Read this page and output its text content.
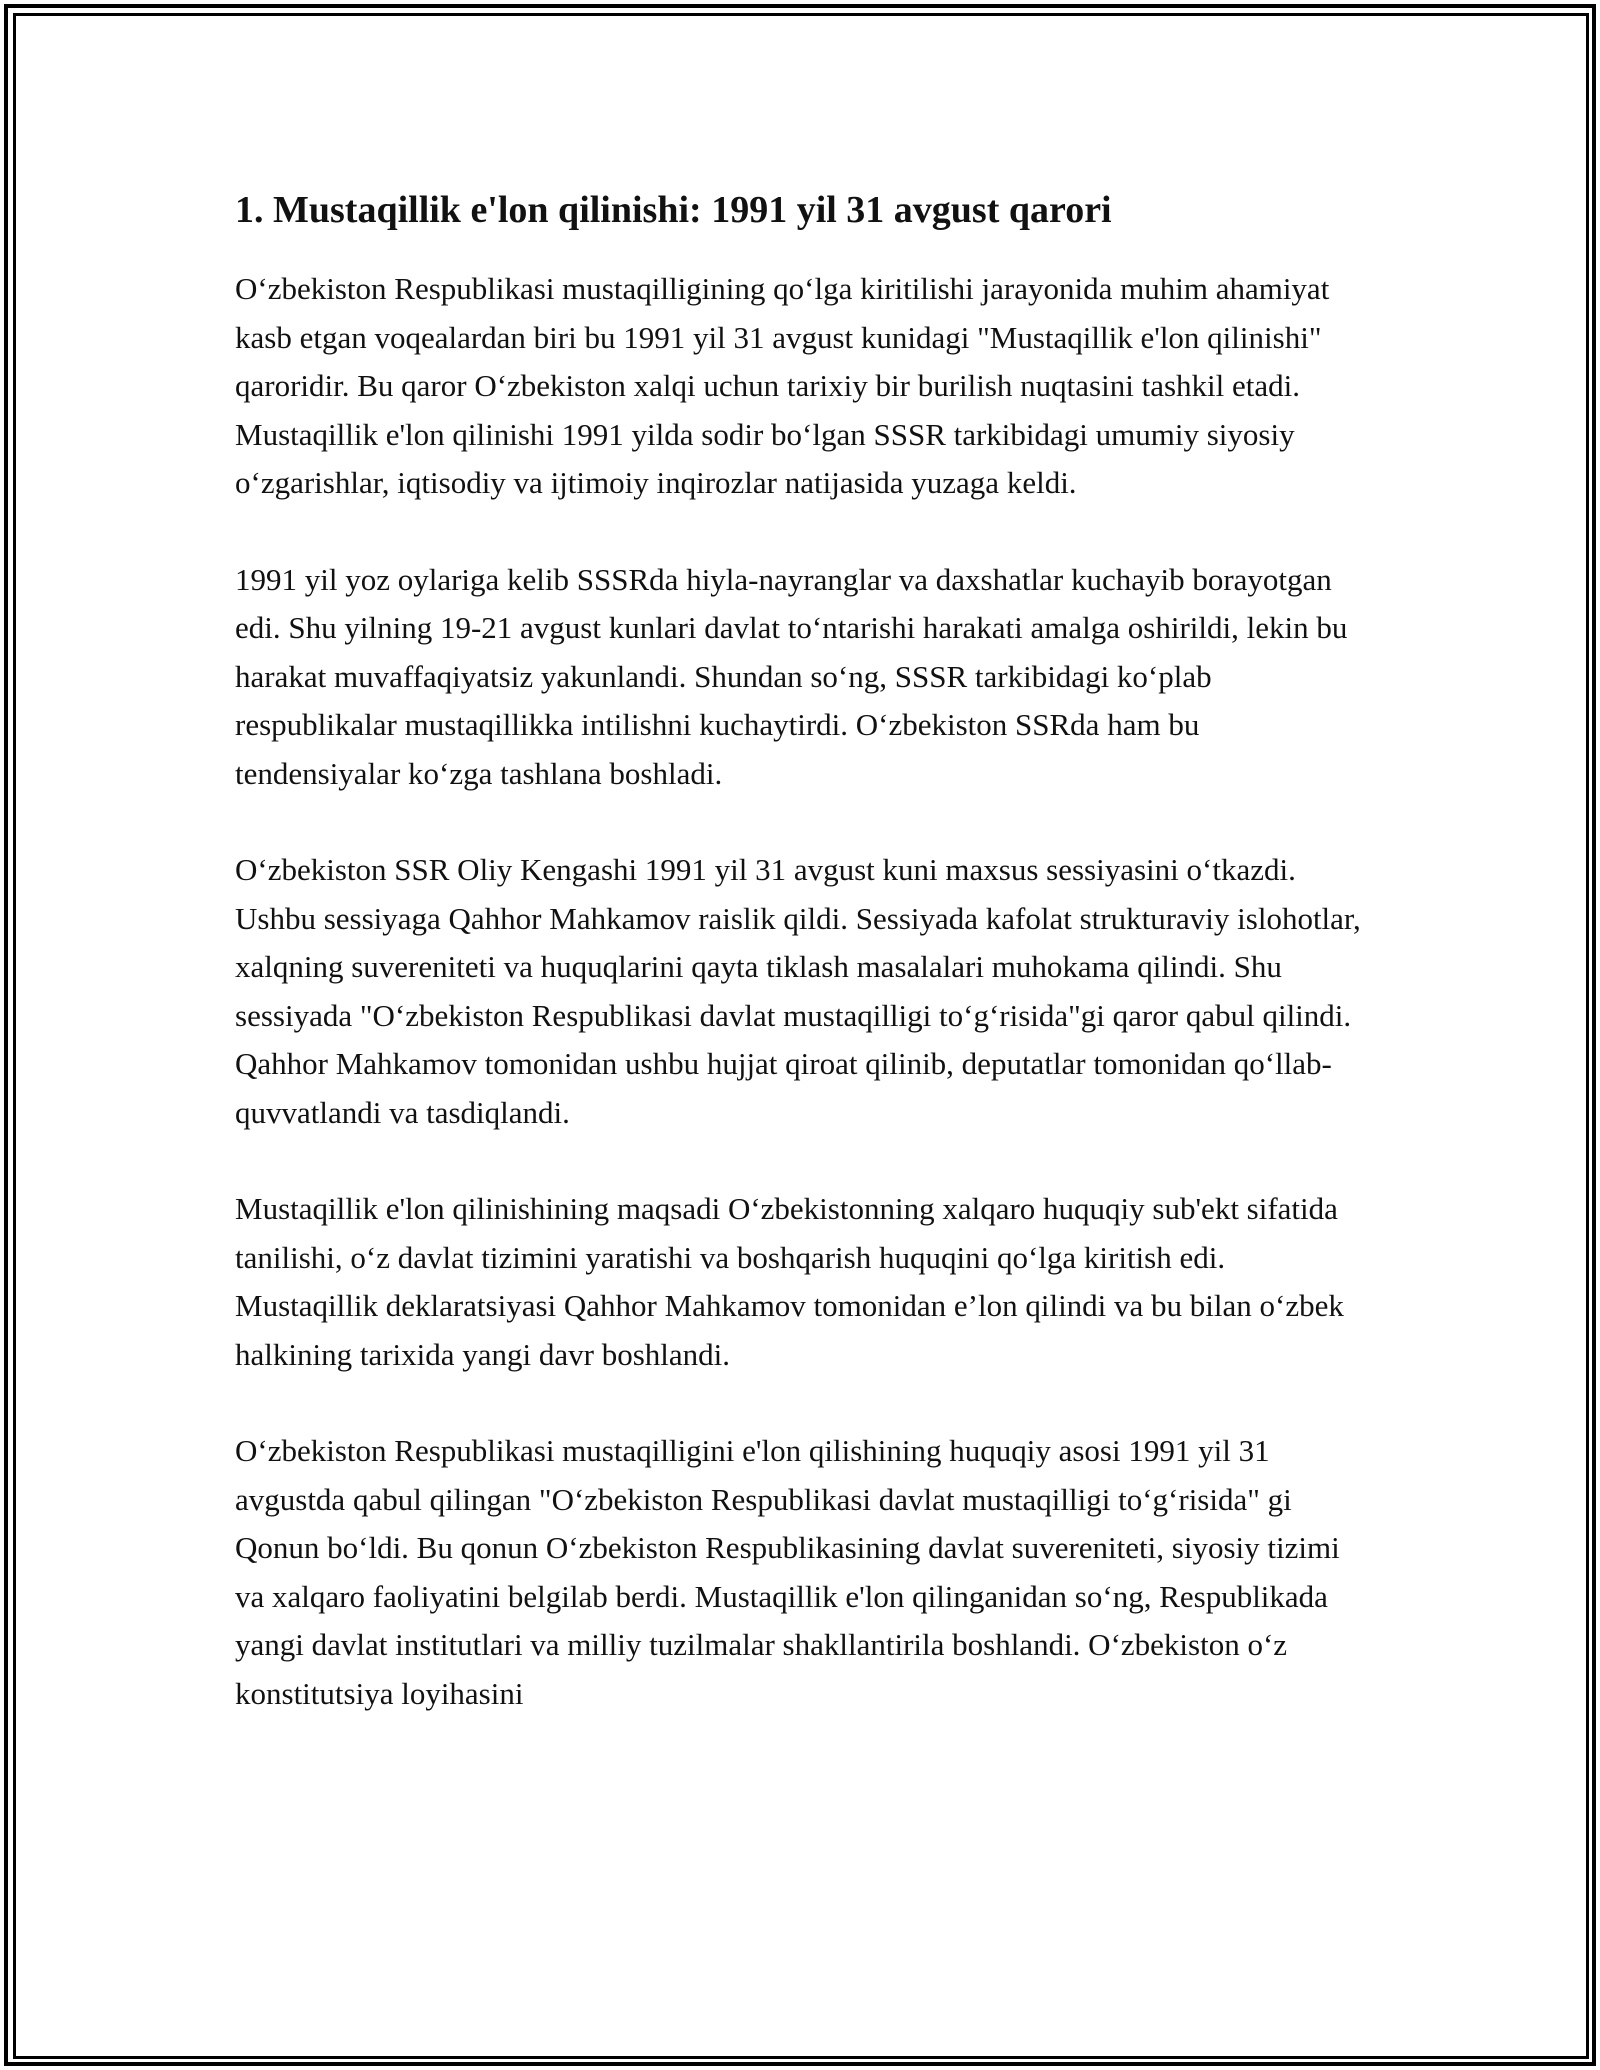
1. Mustaqillik e'lon qilinishi: 1991 yil 31 avgust qarori

O‘zbekiston Respublikasi mustaqilligining qo‘lga kiritilishi jarayonida muhim ahamiyat kasb etgan voqealardan biri bu 1991 yil 31 avgust kunidagi "Mustaqillik e'lon qilinishi" qaroridir. Bu qaror O‘zbekiston xalqi uchun tarixiy bir burilish nuqtasini tashkil etadi. Mustaqillik e'lon qilinishi 1991 yilda sodir bo‘lgan SSSR tarkibidagi umumiy siyosiy o‘zgarishlar, iqtisodiy va ijtimoiy inqirozlar natijasida yuzaga keldi.

1991 yil yoz oylariga kelib SSSRda hiyla-nayranglar va daxshatlar kuchayib borayotgan edi. Shu yilning 19-21 avgust kunlari davlat to‘ntarishi harakati amalga oshirildi, lekin bu harakat muvaffaqiyatsiz yakunlandi. Shundan so‘ng, SSSR tarkibidagi ko‘plab respublikalar mustaqillikka intilishni kuchaytirdi. O‘zbekiston SSRda ham bu tendensiyalar ko‘zga tashlana boshladi.

O‘zbekiston SSR Oliy Kengashi 1991 yil 31 avgust kuni maxsus sessiyasini o‘tkazdi. Ushbu sessiyaga Qahhor Mahkamov raislik qildi. Sessiyada kafolat strukturaviy islohotlar, xalqning suvereniteti va huquqlarini qayta tiklash masalalari muhokama qilindi. Shu sessiyada "O‘zbekiston Respublikasi davlat mustaqilligi to‘g‘risida"gi qaror qabul qilindi. Qahhor Mahkamov tomonidan ushbu hujjat qiroat qilinib, deputatlar tomonidan qo‘llab-quvvatlandi va tasdiqlandi.

Mustaqillik e'lon qilinishining maqsadi O‘zbekistonning xalqaro huquqiy sub'ekt sifatida tanilishi, o‘z davlat tizimini yaratishi va boshqarish huquqini qo‘lga kiritish edi. Mustaqillik deklaratsiyasi Qahhor Mahkamov tomonidan e’lon qilindi va bu bilan o‘zbek halkining tarixida yangi davr boshlandi.

O‘zbekiston Respublikasi mustaqilligini e'lon qilishining huquqiy asosi 1991 yil 31 avgustda qabul qilingan "O‘zbekiston Respublikasi davlat mustaqilligi to‘g‘risida" gi Qonun bo‘ldi. Bu qonun O‘zbekiston Respublikasining davlat suvereniteti, siyosiy tizimi va xalqaro faoliyatini belgilab berdi. Mustaqillik e'lon qilinganidan so‘ng, Respublikada yangi davlat institutlari va milliy tuzilmalar shakllantirila boshlandi. O‘zbekiston o‘z konstitutsiya loyihasini
